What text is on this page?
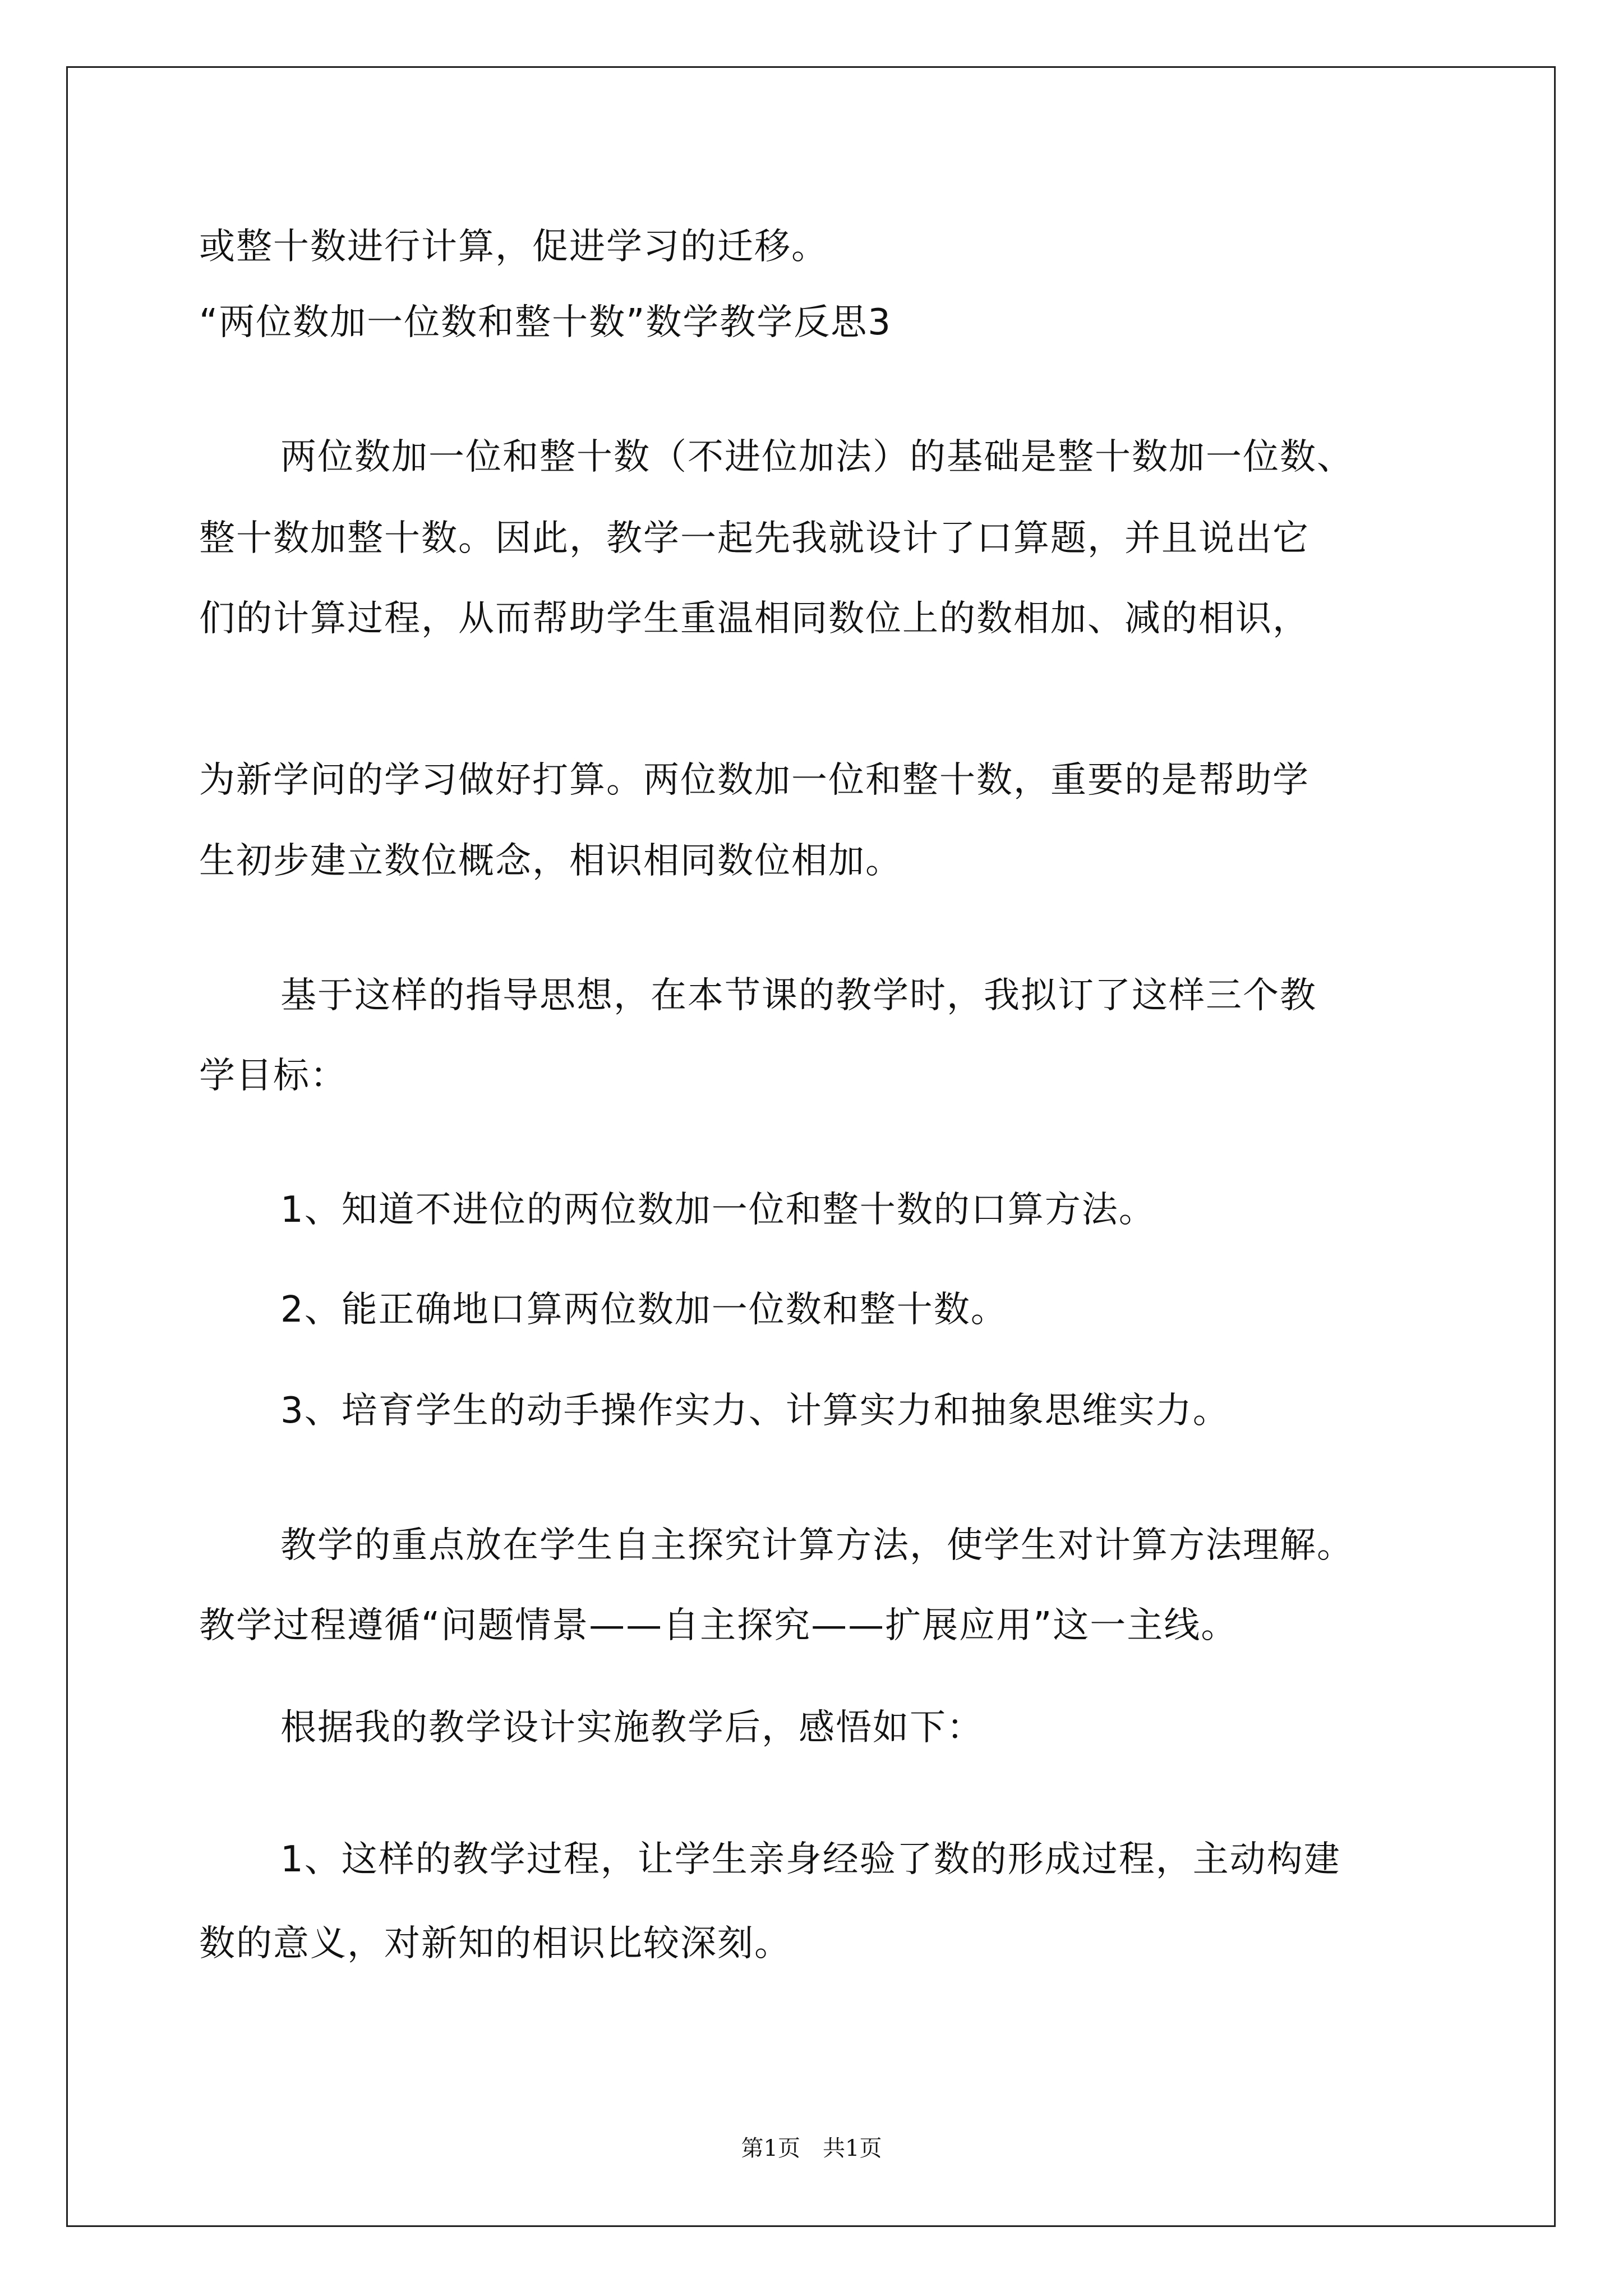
或整十数进行计算，促进学习的迁移。
“两位数加一位数和整十数”数学教学反思3
两位数加一位和整十数（不进位加法）的基础是整十数加一位数、
整十数加整十数。因此，教学一起先我就设计了口算题，并且说出它
们的计算过程，从而帮助学生重温相同数位上的数相加、减的相识，
为新学问的学习做好打算。两位数加一位和整十数，重要的是帮助学
生初步建立数位概念，相识相同数位相加。
基于这样的指导思想，在本节课的教学时，我拟订了这样三个教
学目标：
1、知道不进位的两位数加一位和整十数的口算方法。
2、能正确地口算两位数加一位数和整十数。
3、培育学生的动手操作实力、计算实力和抽象思维实力。
教学的重点放在学生自主探究计算方法，使学生对计算方法理解。
教学过程遵循“问题情景——自主探究——扩展应用”这一主线。
根据我的教学设计实施教学后，感悟如下：
1、这样的教学过程，让学生亲身经验了数的形成过程，主动构建
数的意义，对新知的相识比较深刻。
第1页 共1页
